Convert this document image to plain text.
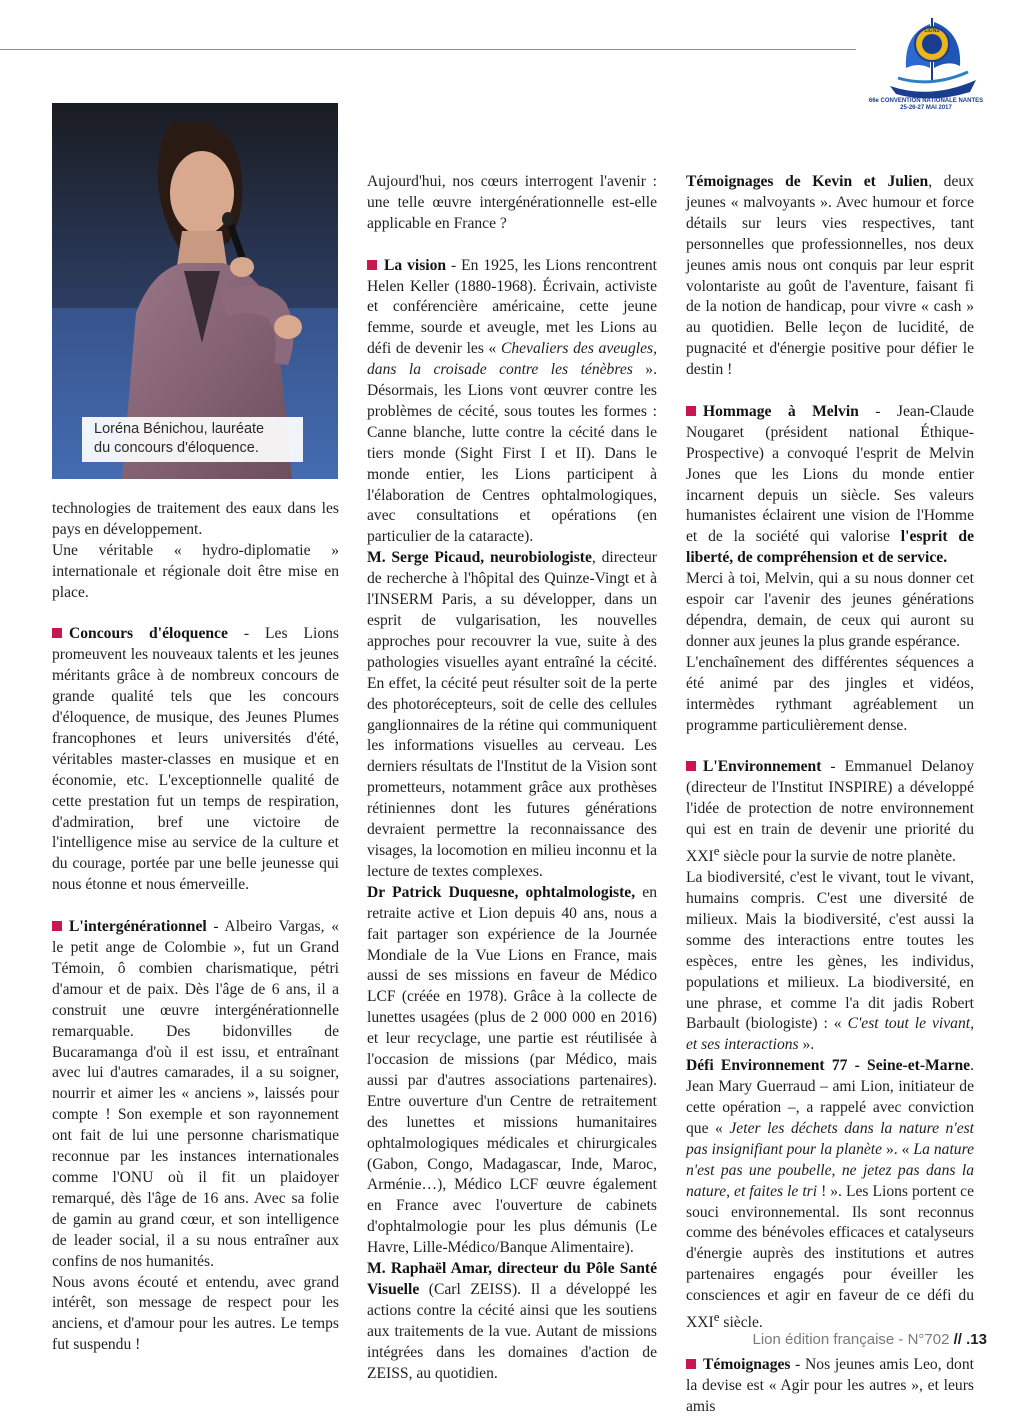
LIONS
66e CONVENTION NATIONALE NANTES 25-26-27 MAI 2017
Loréna Bénichou, lauréate
du concours d'éloquence.

technologies de traitement des eaux dans les pays en développement.

Une véritable « hydro-diplomatie » internationale et régionale doit être mise en place.

Concours d'éloquence - Les Lions promeuvent les nouveaux talents et les jeunes méritants grâce à de nombreux concours de grande qualité tels que les concours d'éloquence, de musique, des Jeunes Plumes francophones et leurs universités d'été, véritables master-classes en musique et en économie, etc. L'exceptionnelle qualité de cette prestation fut un temps de respiration, d'admiration, bref une victoire de l'intelligence mise au service de la culture et du courage, portée par une belle jeunesse qui nous étonne et nous émerveille.

L'intergénérationnel - Albeiro Vargas, « le petit ange de Colombie », fut un Grand Témoin, ô combien charismatique, pétri d'amour et de paix. Dès l'âge de 6 ans, il a construit une œuvre intergénérationnelle remarquable. Des bidonvilles de Bucaramanga d'où il est issu, et entraînant avec lui d'autres camarades, il a su soigner, nourrir et aimer les « anciens », laissés pour compte ! Son exemple et son rayonnement ont fait de lui une personne charismatique reconnue par les instances internationales comme l'ONU où il fit un plaidoyer remarqué, dès l'âge de 16 ans. Avec sa folie de gamin au grand cœur, et son intelligence de leader social, il a su nous entraîner aux confins de nos humanités.

Nous avons écouté et entendu, avec grand intérêt, son message de respect pour les anciens, et d'amour pour les autres. Le temps fut suspendu !

Aujourd'hui, nos cœurs interrogent l'avenir : une telle œuvre intergénérationnelle est-elle applicable en France ?

La vision - En 1925, les Lions rencontrent Helen Keller (1880-1968). Écrivain, activiste et conférencière américaine, cette jeune femme, sourde et aveugle, met les Lions au défi de devenir les « Chevaliers des aveugles, dans la croisade contre les ténèbres ». Désormais, les Lions vont œuvrer contre les problèmes de cécité, sous toutes les formes : Canne blanche, lutte contre la cécité dans le tiers monde (Sight First I et II). Dans le monde entier, les Lions participent à l'élaboration de Centres ophtalmologiques, avec consultations et opérations (en particulier de la cataracte).

M. Serge Picaud, neurobiologiste, directeur de recherche à l'hôpital des Quinze-Vingt et à l'INSERM Paris, a su développer, dans un esprit de vulgarisation, les nouvelles approches pour recouvrer la vue, suite à des pathologies visuelles ayant entraîné la cécité. En effet, la cécité peut résulter soit de la perte des photorécepteurs, soit de celle des cellules ganglionnaires de la rétine qui communiquent les informations visuelles au cerveau. Les derniers résultats de l'Institut de la Vision sont prometteurs, notamment grâce aux prothèses rétiniennes dont les futures générations devraient permettre la reconnaissance des visages, la locomotion en milieu inconnu et la lecture de textes complexes.

Dr Patrick Duquesne, ophtalmologiste, en retraite active et Lion depuis 40 ans, nous a fait partager son expérience de la Journée Mondiale de la Vue Lions en France, mais aussi de ses missions en faveur de Médico LCF (créée en 1978). Grâce à la collecte de lunettes usagées (plus de 2 000 000 en 2016) et leur recyclage, une partie est réutilisée à l'occasion de missions (par Médico, mais aussi par d'autres associations partenaires). Entre ouverture d'un Centre de retraitement des lunettes et missions humanitaires ophtalmologiques médicales et chirurgicales (Gabon, Congo, Madagascar, Inde, Maroc, Arménie…), Médico LCF œuvre également en France avec l'ouverture de cabinets d'ophtalmologie pour les plus démunis (Le Havre, Lille-Médico/Banque Alimentaire).

M. Raphaël Amar, directeur du Pôle Santé Visuelle (Carl ZEISS). Il a développé les actions contre la cécité ainsi que les soutiens aux traitements de la vue. Autant de missions intégrées dans les domaines d'action de ZEISS, au quotidien.

Témoignages de Kevin et Julien, deux jeunes « malvoyants ». Avec humour et force détails sur leurs vies respectives, tant personnelles que professionnelles, nos deux jeunes amis nous ont conquis par leur esprit volontariste au goût de l'aventure, faisant fi de la notion de handicap, pour vivre « cash » au quotidien. Belle leçon de lucidité, de pugnacité et d'énergie positive pour défier le destin !

Hommage à Melvin - Jean-Claude Nougaret (président national Éthique-Prospective) a convoqué l'esprit de Melvin Jones que les Lions du monde entier incarnent depuis un siècle. Ses valeurs humanistes éclairent une vision de l'Homme et de la société qui valorise l'esprit de liberté, de compréhension et de service.

Merci à toi, Melvin, qui a su nous donner cet espoir car l'avenir des jeunes générations dépendra, demain, de ceux qui auront su donner aux jeunes la plus grande espérance.

L'enchaînement des différentes séquences a été animé par des jingles et vidéos, intermèdes rythmant agréablement un programme particulièrement dense.

L'Environnement - Emmanuel Delanoy (directeur de l'Institut INSPIRE) a développé l'idée de protection de notre environnement qui est en train de devenir une priorité du XXIe siècle pour la survie de notre planète.

La biodiversité, c'est le vivant, tout le vivant, humains compris. C'est une diversité de milieux. Mais la biodiversité, c'est aussi la somme des interactions entre toutes les espèces, entre les gènes, les individus, populations et milieux. La biodiversité, en une phrase, et comme l'a dit jadis Robert Barbault (biologiste) : « C'est tout le vivant, et ses interactions ».

Défi Environnement 77 - Seine-et-Marne. Jean Mary Guerraud – ami Lion, initiateur de cette opération –, a rappelé avec conviction que « Jeter les déchets dans la nature n'est pas insignifiant pour la planète ». « La nature n'est pas une poubelle, ne jetez pas dans la nature, et faites le tri ! ». Les Lions portent ce souci environnemental. Ils sont reconnus comme des bénévoles efficaces et catalyseurs d'énergie auprès des institutions et autres partenaires engagés pour éveiller les consciences et agir en faveur de ce défi du XXIe siècle.

Témoignages - Nos jeunes amis Leo, dont la devise est « Agir pour les autres », et leurs amis

Lion édition française - N°702 // .13
